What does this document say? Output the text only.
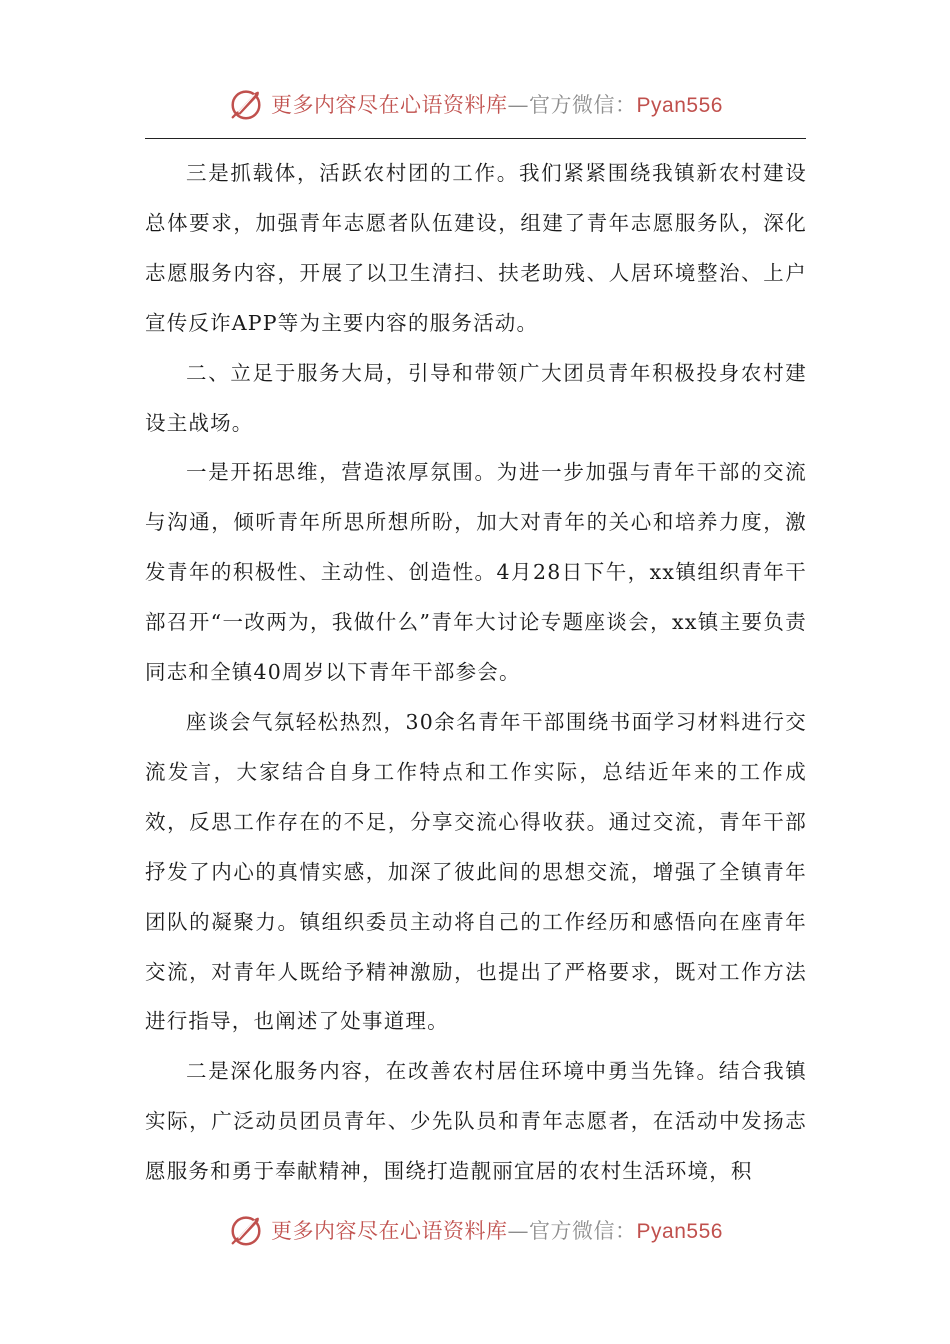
更多内容尽在心语资料库—官方微信：Pyan556

三是抓载体，活跃农村团的工作。我们紧紧围绕我镇新农村建设总体要求，加强青年志愿者队伍建设，组建了青年志愿服务队，深化志愿服务内容，开展了以卫生清扫、扶老助残、人居环境整治、上户宣传反诈APP等为主要内容的服务活动。

二、立足于服务大局，引导和带领广大团员青年积极投身农村建设主战场。

一是开拓思维，营造浓厚氛围。为进一步加强与青年干部的交流与沟通，倾听青年所思所想所盼，加大对青年的关心和培养力度，激发青年的积极性、主动性、创造性。4月28日下午，xx镇组织青年干部召开“一改两为，我做什么”青年大讨论专题座谈会，xx镇主要负责同志和全镇40周岁以下青年干部参会。

座谈会气氛轻松热烈，30余名青年干部围绕书面学习材料进行交流发言，大家结合自身工作特点和工作实际，总结近年来的工作成效，反思工作存在的不足，分享交流心得收获。通过交流，青年干部抒发了内心的真情实感，加深了彼此间的思想交流，增强了全镇青年团队的凝聚力。镇组织委员主动将自己的工作经历和感悟向在座青年交流，对青年人既给予精神激励，也提出了严格要求，既对工作方法进行指导，也阐述了处事道理。

二是深化服务内容，在改善农村居住环境中勇当先锋。结合我镇实际，广泛动员团员青年、少先队员和青年志愿者，在活动中发扬志愿服务和勇于奉献精神，围绕打造靓丽宜居的农村生活环境，积

更多内容尽在心语资料库—官方微信：Pyan556
